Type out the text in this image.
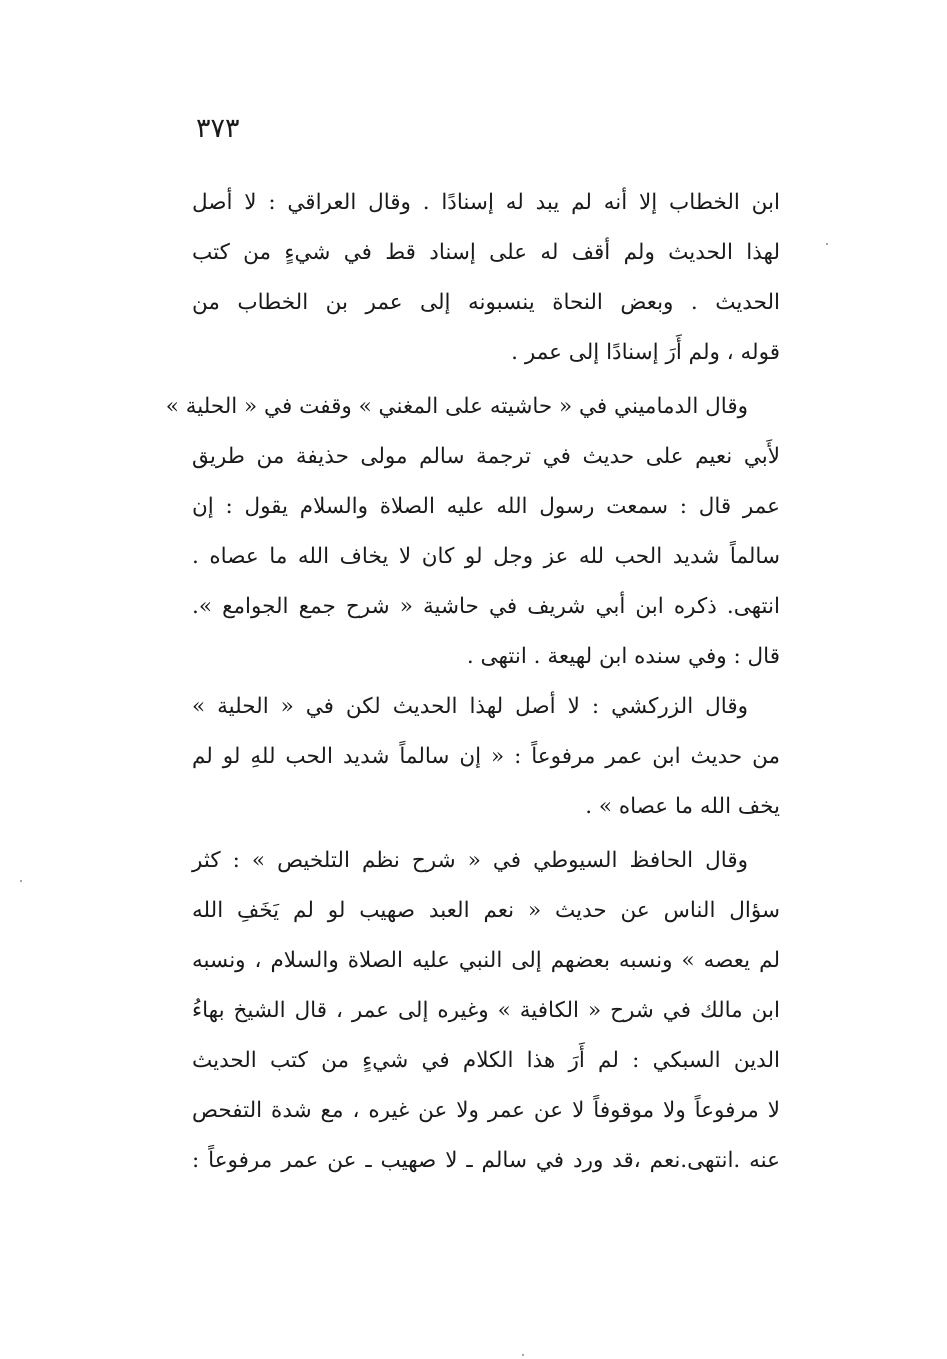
٣٧٣
ابن الخطاب إلا أنه لم يبد له إسنادًا . وقال العراقي : لا أصل
لهذا الحديث ولم أقف له على إسناد قط في شيءٍ من كتب
الحديث . وبعض النحاة ينسبونه إلى عمر بن الخطاب من
قوله ، ولم أَرَ إسنادًا إلى عمر .
وقال الدماميني في « حاشيته على المغني » وقفت في « الحلية »
لأَبي نعيم على حديث في ترجمة سالم مولى حذيفة من طريق
عمر قال : سمعت رسول الله عليه الصلاة والسلام يقول : إن
سالماً شديد الحب لله عز وجل لو كان لا يخاف الله ما عصاه .
انتهى. ذكره ابن أبي شريف في حاشية « شرح جمع الجوامع ».
قال : وفي سنده ابن لهيعة . انتهى .
وقال الزركشي : لا أصل لهذا الحديث لكن في « الحلية »
من حديث ابن عمر مرفوعاً : « إن سالماً شديد الحب للهِ لو لم
يخف الله ما عصاه » .
وقال الحافظ السيوطي في « شرح نظم التلخيص » : كثر
سؤال الناس عن حديث « نعم العبد صهيب لو لم يَخَفِ الله
لم يعصه » ونسبه بعضهم إلى النبي عليه الصلاة والسلام ، ونسبه
ابن مالك في شرح « الكافية » وغيره إلى عمر ، قال الشيخ بهاءُ
الدين السبكي : لم أَرَ هذا الكلام في شيءٍ من كتب الحديث
لا مرفوعاً ولا موقوفاً لا عن عمر ولا عن غيره ، مع شدة التفحص
عنه .انتهى.نعم ،قد ورد في سالم ـ لا صهيب ـ عن عمر مرفوعاً :
